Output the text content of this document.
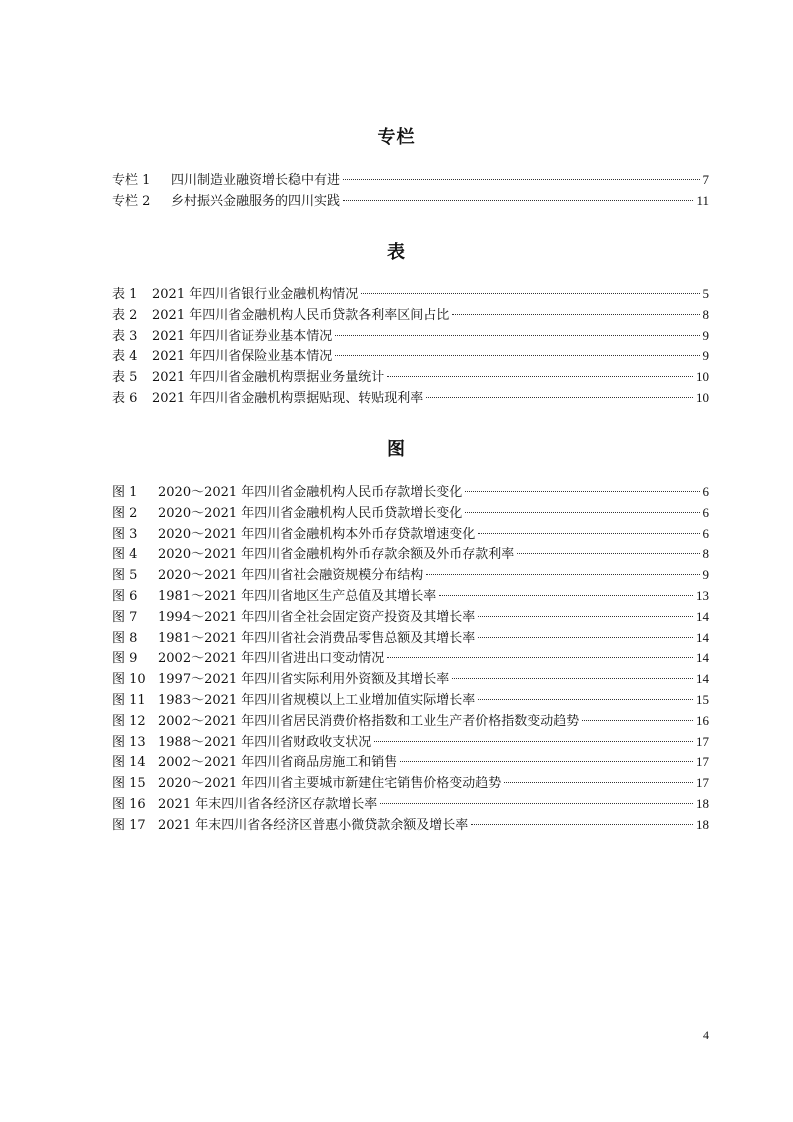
专栏
专栏 1	四川制造业融资增长稳中有进	7
专栏 2	乡村振兴金融服务的四川实践	11
表
表 1	2021 年四川省银行业金融机构情况	5
表 2	2021 年四川省金融机构人民币贷款各利率区间占比	8
表 3	2021 年四川省证券业基本情况	9
表 4	2021 年四川省保险业基本情况	9
表 5	2021 年四川省金融机构票据业务量统计	10
表 6	2021 年四川省金融机构票据贴现、转贴现利率	10
图
图 1	2020～2021 年四川省金融机构人民币存款增长变化	6
图 2	2020～2021 年四川省金融机构人民币贷款增长变化	6
图 3	2020～2021 年四川省金融机构本外币存贷款增速变化	6
图 4	2020～2021 年四川省金融机构外币存款余额及外币存款利率	8
图 5	2020～2021 年四川省社会融资规模分布结构	9
图 6	1981～2021 年四川省地区生产总值及其增长率	13
图 7	1994～2021 年四川省全社会固定资产投资及其增长率	14
图 8	1981～2021 年四川省社会消费品零售总额及其增长率	14
图 9	2002～2021 年四川省进出口变动情况	14
图 10 1997～2021 年四川省实际利用外资额及其增长率	14
图 11 1983～2021 年四川省规模以上工业增加值实际增长率	15
图 12 2002～2021 年四川省居民消费价格指数和工业生产者价格指数变动趋势	16
图 13 1988～2021 年四川省财政收支状况	17
图 14 2002～2021 年四川省商品房施工和销售	17
图 15 2020～2021 年四川省主要城市新建住宅销售价格变动趋势	17
图 16 2021 年末四川省各经济区存款增长率	18
图 17 2021 年末四川省各经济区普惠小微贷款余额及增长率	18
4
